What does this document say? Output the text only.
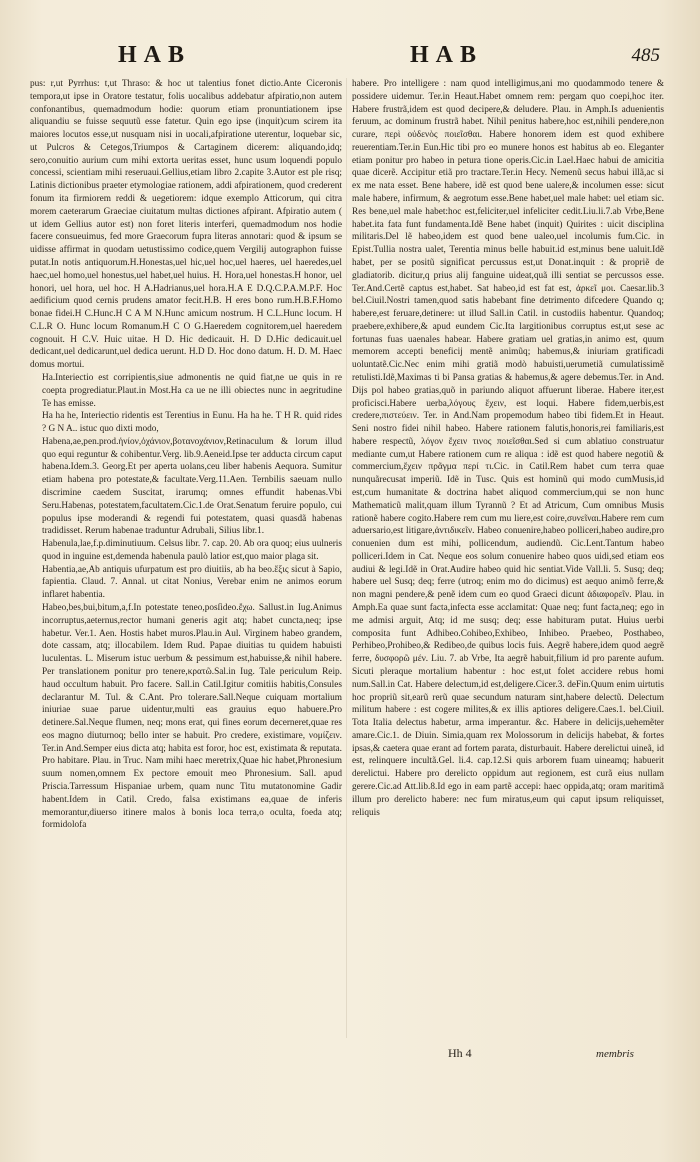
HAB	HAB	485

pus: r,ut Pyrrhus: t,ut Thraso: & hoc ut talentius fonet dictio.Ante Ciceronis tempora,ut ipse in Oratore testatur, folis uocalibus addebatur afpiratio,non autem confonantibus, quemadmodum hodie: quorum etiam pronuntiationem ipse aliquandiu se fuisse sequutũ esse fatetur. Quin ego ipse (inquit)cum scirem ita maiores locutos esse,ut nusquam nisi in uocali,afpiratione uterentur, loquebar sic, ut Pulcros & Cetegos,Triumpos & Cartaginem dicerem: aliquando,idq; sero,conuitio aurium cum mihi extorta ueritas esset, hunc usum loquendi populo concessi, scientiam mihi reseruaui.Gellius,etiam libro 2.capite 3.Autor est ple risq; Latinis dictionibus praeter etymologiae rationem, addi afpirationem, quod crederent fonum ita firmiorem reddi & uegetiorem: idque exemplo Atticorum, qui citra morem caeterarum Graeciae ciuitatum multas dictiones afpirant. Afpiratio autem ( ut idem Gellius autor est) non foret literis interferi, quemadmodum nos hodie facere consueuimus, fed more Graecorum fupra literas annotari: quod & ipsum se uidisse affirmat in quodam uetustissimo codice,quem Vergilij autographon fuisse putat.In notis antiquorum.H.Honestas,uel hic,uel hoc,uel haeres, uel haeredes,uel haec,uel homo,uel honestus,uel habet,uel huius. H. Hora,uel honestas.H honor, uel honori, uel hora, uel hoc. H A.Hadrianus,uel hora.H.A E D.Q.C.P.A.M.P.F. Hoc aedificium quod cernis prudens amator fecit.H.B. H eres bono rum.H.B.F.Homo bonae fidei.H C.Hunc.H C A M N.Hunc amicum nostrum. H C.L.Hunc locum. H C.L.R O. Hunc locum Romanum.H C O G.Haeredem cognitorem,uel haeredem cognouit. H C.V. Huic uitae. H D. Hic dedicauit. H. D D.Hic dedicauit.uel dedicant,uel dedicarunt,uel dedica uerunt. H.D D. Hoc dono datum. H. D. M. Haec domus mortui.

Ha.Interiectio est corripientis,siue admonentis ne quid fiat,ne ue quis in re coepta progrediatur.Plaut.in Most.Ha ca ue ne illi obiectes nunc in aegritudine Te has emisse.

Ha ha he, Interiectio ridentis est Terentius in Eunu. Ha ha he. T H R. quid rides ? G N A.. istuc quo dixti modo,

Habena,ae,pen.prod.ἡνίον,ὀχάνιον,βοτανοχάνιον,Retinaculum & lorum illud quo equi reguntur & cohibentur.Verg. lib.9.Aeneid.Ipse ter adducta circum caput habena.Idem.3. Georg.Et per aperta uolans,ceu liber habenis Aequora. Sumitur etiam habena pro potestate,& facultate.Verg.11.Aen. Ternbilis saeuam nullo discrimine caedem Suscitat, irarumq; omnes effundit habenas.Vbi Seru.Habenas, potestatem,facultatem.Cic.1.de Orat.Senatum feruire populo, cui populus ipse moderandi & regendi fui potestatem, quasi quasdã habenas tradidisset. Rerum habenae traduntur Adrubali, Silius libr.1.

Habenula,lae,f.p.diminutiuum. Celsus libr. 7. cap. 20. Ab ora quoq; eius uulneris quod in inguine est,demenda habenula paulò latior est,quo maior plaga sit.

Habentia,ae,Ab antiquis ufurpatum est pro diuitiis, ab ha beo.ἕξις sicut à Sapio, fapientia. Claud. 7. Annal. ut citat Nonius, Verebar enim ne animos eorum inflaret habentia.

Habeo,bes,bui,bitum,a,f.In potestate teneo,posſideo.ἔχω. Sallust.in Iug.Animus incorruptus,aeternus,rector humani generis agit atq; habet cuncta,neq; ipse habetur. Ver.1. Aen. Hostis habet muros.Plau.in Aul. Virginem habeo grandem, dote cassam, atq; illocabilem. Idem Rud. Papae diuitias tu quidem habuisti luculentas. L. Miserum istuc uerbum & pessimum est,habuisse,& nihil habere. Per translationem ponitur pro tenere,κρατῶ.Sal.in Iug. Tale periculum Reip. haud occultum habuit. Pro facere. Sall.in Catil.Igitur comitiis habitis,Consules declarantur M. Tul. & C.Ant. Pro tolerare.Sall.Neque cuiquam mortalium iniuriae suae parue uidentur,multi eas grauius equo habuere.Pro detinere.Sal.Neque flumen, neq; mons erat, qui fines eorum decerneret,quae res eos magno diuturnoq; bello inter se habuit. Pro credere, existimare, νομίζειν. Ter.in And.Semper eius dicta atq; habita est foror, hoc est, existimata & reputata. Pro habitare. Plau. in Truc. Nam mihi haec meretrix,Quae hic habet,Phronesium suum nomen,omnem Ex pectore emouit meo Phronesium. Sall. apud Priscia.Tarressum Hispaniae urbem, quam nunc Titu mutatonomine Gadir habent.Idem in Catil. Credo, falsa existimans ea,quae de inferis memorantur,diuerso itinere malos à bonis loca terra,o oculta, foeda atq; formidolofa

habere. Pro intelligere : nam quod intelligimus,ani mo quodammodo tenere & possidere uidemur. Ter.in Heaut.Habet omnem rem: pergam quo coepi,hoc iter. Habere frustrã,idem est quod decipere,& deludere. Plau. in Amph.Is aduenientis feruum, ac dominum frustrã habet. Nihil penitus habere,hoc est,nihili pendere,non curare, περὶ οὐδενὸς ποιεῖσθαι. Habere honorem idem est quod exhibere reuerentiam.Ter.in Eun.Hic tibi pro eo munere honos est habitus ab eo. Eleganter etiam ponitur pro habeo in petura tione operis.Cic.in Lael.Haec habui de amicitia quae dicerẽ. Accipitur etiã pro tractare.Ter.in Hecy. Nemenũ secus habui illã,ac si ex me nata esset. Bene habere, idẽ est quod bene ualere,& incolumen esse: sicut male habere, infirmum, & aegrotum esse.Bene habet,uel male habet: uel etiam sic. Res bene,uel male habet:hoc est,feliciter,uel infeliciter cedit.Liu.li.7.ab Vrbe,Bene habet.ita fata funt fundamenta.Idẽ Bene habet (inquit) Quirites : uicit disciplina militaris.Del lẽ habeo,idem est quod bene ualeo,uel incolumis fum.Cic. in Epist.Tullia nostra ualet, Terentia minus belle habuit.id est,minus bene ualuit.Idẽ habet, per se positũ significat percussus est,ut Donat.inquit : & propriẽ de gladiatorib. dicitur,q prius alij fanguine uideat,quã illi sentiat se percussos esse. Ter.And.Certẽ captus est,habet. Sat habeo,id est fat est, ἀρκεῖ μοι. Caesar.lib.3 bel.Ciuil.Nostri tamen,quod satis habebant fine detrimento difcedere Quando q; habere,est feruare,detinere: ut illud Sall.in Catil. in custodiis habentur. Quandoq; praebere,exhibere,& apud eundem Cic.Ita largitionibus corruptus est,ut sese ac fortunas fuas uaenales habear. Habere gratiam uel gratias,in animo est, quum memorem accepti beneficij mentẽ animũq; habemus,& iniuriam gratificadi uoluntatẽ.Cic.Nec enim mihi gratiã modò habuisti,uerumetiã cumulatissimẽ retulisti.Idẽ,Maximas ti bi Pansa gratias & habemus,& agere debemus.Ter. in And. Dijs pol habeo gratias,quõ in pariundo aliquot affuerunt liberae. Habere iter,est proficisci.Habere uerba,λόγους ἔχειν, est loqui. Habere fidem,uerbis,est credere,πιστεύειν. Ter. in And.Nam propemodum habeo tibi fidem.Et in Heaut. Seni nostro fidei nihil habeo. Habere rationem falutis,honoris,rei familiaris,est habere respectũ, λόγον ἔχειν τινος ποιεῖσθαι.Sed si cum ablatiuo construatur mediante cum,ut Habere rationem cum re aliqua : idẽ est quod habere negotiũ & commercium,ἔχειν πρᾶγμα περί τι.Cic. in Catil.Rem habet cum terra quae nunquãrecusat imperiũ. Idẽ in Tusc. Quis est hominũ qui modo cumMusis,id est,cum humanitate & doctrina habet aliquod commercium,qui se non hunc Mathematicũ malit,quam illum Tyrannũ ? Et ad Atricum, Cum omnibus Musis rationẽ habere cogito.Habere rem cum mu liere,est coire,συνεῖναι.Habere rem cum aduersario,est litigare,ἀντιδικεῖν. Habeo conuenire,habeo polliceri,habeo audire,pro conuenien dum est mihi, pollicendum, audiendũ. Cic.Lent.Tantum habeo polliceri.Idem in Cat. Neque eos solum conuenire habeo quos uidi,sed etiam eos audiui & legi.Idẽ in Orat.Audire habeo quid hic sentiat.Vide Vall.li. 5. Susq; deq; habere uel Susq; deq; ferre (utroq; enim mo do dicimus) est aequo animõ ferre,& non magni pendere,& penẽ idem cum eo quod Graeci dicunt ἀδιαφορεῖν. Plau. in Amph.Ea quae sunt facta,infecta esse acclamitat: Quae neq; funt facta,neq; ego in me admisi arguit, Atq; id me susq; deq; esse habituram putat. Huius uerbi composita funt Adhibeo.Cohibeo,Exhibeo, Inhibeo. Praebeo, Posthabeo, Perhibeo,Prohibeo,& Redibeo,de quibus locis fuis. Aegrẽ habere,idem quod aegrẽ ferre, δυσφορῶ μέν. Liu. 7. ab Vrbe, Ita aegrẽ habuit,filium id pro parente aufum. Sicuti pleraque mortalium habentur : hoc est,ut folet accidere rebus homi num.Sall.in Cat. Habere delectum,id est,deligere.Cicer.3. deFin.Quum enim uirtutis hoc propriũ sit,earũ rerũ quae secundum naturam sint,habere delectũ. Delectum militum habere : est cogere milites,& ex illis aptiores deligere.Caes.1. bel.Ciuil. Tota Italia delectus habetur, arma imperantur. &c. Habere in delicijs,uehemẽter amare.Cic.1. de Diuin. Simia,quam rex Molossorum in delicijs habebat, & fortes ipsas,& caetera quae erant ad fortem parata, disturbauit. Habere derelictui uineã, id est, relinquere incultã.Gel. li.4. cap.12.Si quis arborem fuam uineamq; habuerit derelictui. Habere pro derelicto oppidum aut regionem, est curã eius nullam gerere.Cic.ad Att.lib.8.Id ego in eam partẽ accepi: haec oppida,atq; oram maritimã illum pro derelicto habere: nec fum miratus,eum qui caput ipsum reliquisset, reliquis

Hh 4	membris
